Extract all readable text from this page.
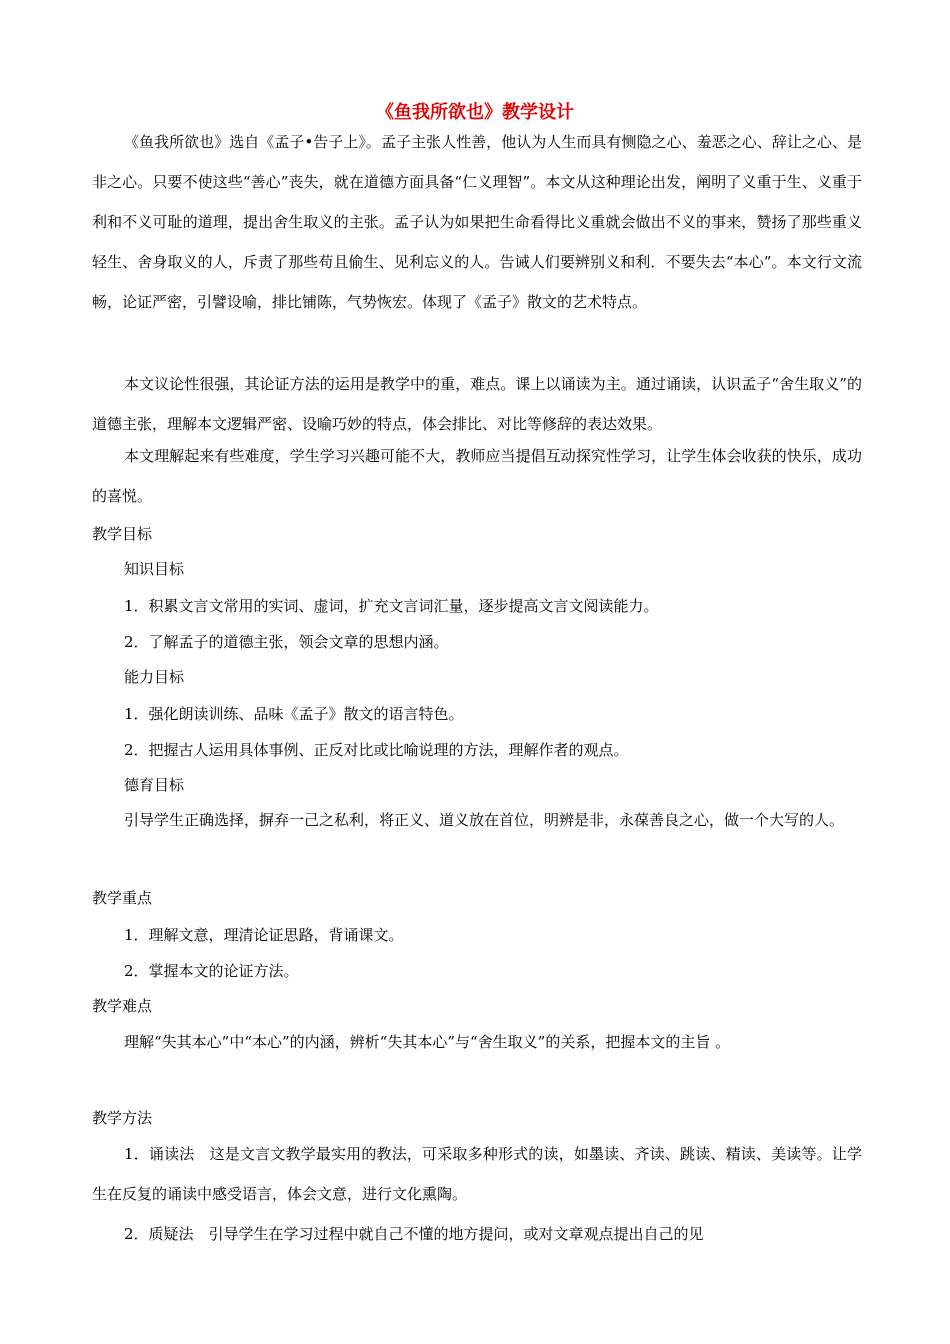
《鱼我所欲也》教学设计
《鱼我所欲也》选自《孟子•告子上》。孟子主张人性善，他认为人生而具有恻隐之心、羞恶之心、辞让之心、是非之心。只要不使这些“善心”丧失，就在道德方面具备“仁义理智”。本文从这种理论出发，阐明了义重于生、义重于利和不义可耻的道理，提出舍生取义的主张。孟子认为如果把生命看得比义重就会做出不义的事来，赞扬了那些重义轻生、舍身取义的人，斥责了那些苟且偷生、见利忘义的人。告诫人们要辨别义和利．不要失去“本心”。本文行文流畅，论证严密，引譬设喻，排比铺陈，气势恢宏。体现了《孟子》散文的艺术特点。
本文议论性很强，其论证方法的运用是教学中的重，难点。课上以诵读为主。通过诵读，认识孟子“舍生取义”的道德主张，理解本文逻辑严密、设喻巧妙的特点，体会排比、对比等修辞的表达效果。
本文理解起来有些难度，学生学习兴趣可能不大，教师应当提倡互动探究性学习，让学生体会收获的快乐，成功的喜悦。
教学目标
知识目标
1．积累文言文常用的实词、虚词，扩充文言词汇量，逐步提高文言文阅读能力。
2．了解孟子的道德主张，领会文章的思想内涵。
能力目标
1．强化朗读训练、品味《孟子》散文的语言特色。
2．把握古人运用具体事例、正反对比或比喻说理的方法，理解作者的观点。
德育目标
引导学生正确选择，摒弃一己之私利，将正义、道义放在首位，明辨是非，永葆善良之心，做一个大写的人。
教学重点
1．理解文意，理清论证思路，背诵课文。
2．掌握本文的论证方法。
教学难点
理解“失其本心”中“本心”的内涵，辨析“失其本心”与“舍生取义”的关系，把握本文的主旨 。
教学方法
1．诵读法　这是文言文教学最实用的教法，可采取多种形式的读，如墨读、齐读、跳读、精读、美读等。让学生在反复的诵读中感受语言，体会文意，进行文化熏陶。
2．质疑法　引导学生在学习过程中就自己不懂的地方提问，或对文章观点提出自己的见
